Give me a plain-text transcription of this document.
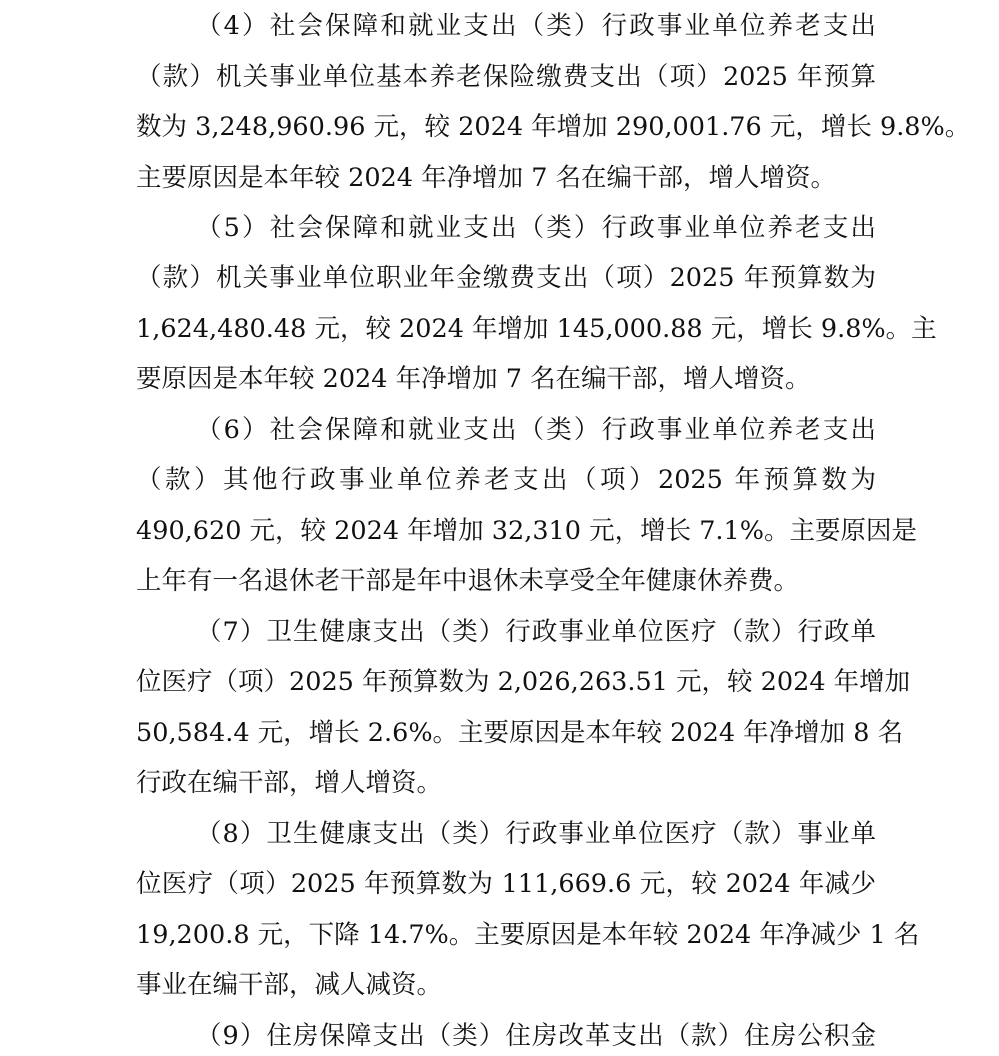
（4）社会保障和就业支出（类）行政事业单位养老支出
（款）机关事业单位基本养老保险缴费支出（项）2025 年预算
数为 3,248,960.96 元，较 2024 年增加 290,001.76 元，增长 9.8%。
主要原因是本年较 2024 年净增加 7 名在编干部，增人增资。
（5）社会保障和就业支出（类）行政事业单位养老支出
（款）机关事业单位职业年金缴费支出（项）2025 年预算数为
1,624,480.48 元，较 2024 年增加 145,000.88 元，增长 9.8%。主
要原因是本年较 2024 年净增加 7 名在编干部，增人增资。
（6）社会保障和就业支出（类）行政事业单位养老支出
（款）其他行政事业单位养老支出（项）2025 年预算数为
490,620 元，较 2024 年增加 32,310 元，增长 7.1%。主要原因是
上年有一名退休老干部是年中退休未享受全年健康休养费。
（7）卫生健康支出（类）行政事业单位医疗（款）行政单
位医疗（项）2025 年预算数为 2,026,263.51 元，较 2024 年增加
50,584.4 元，增长 2.6%。主要原因是本年较 2024 年净增加 8 名
行政在编干部，增人增资。
（8）卫生健康支出（类）行政事业单位医疗（款）事业单
位医疗（项）2025 年预算数为 111,669.6 元，较 2024 年减少
19,200.8 元，下降 14.7%。主要原因是本年较 2024 年净减少 1 名
事业在编干部，减人减资。
（9）住房保障支出（类）住房改革支出（款）住房公积金
